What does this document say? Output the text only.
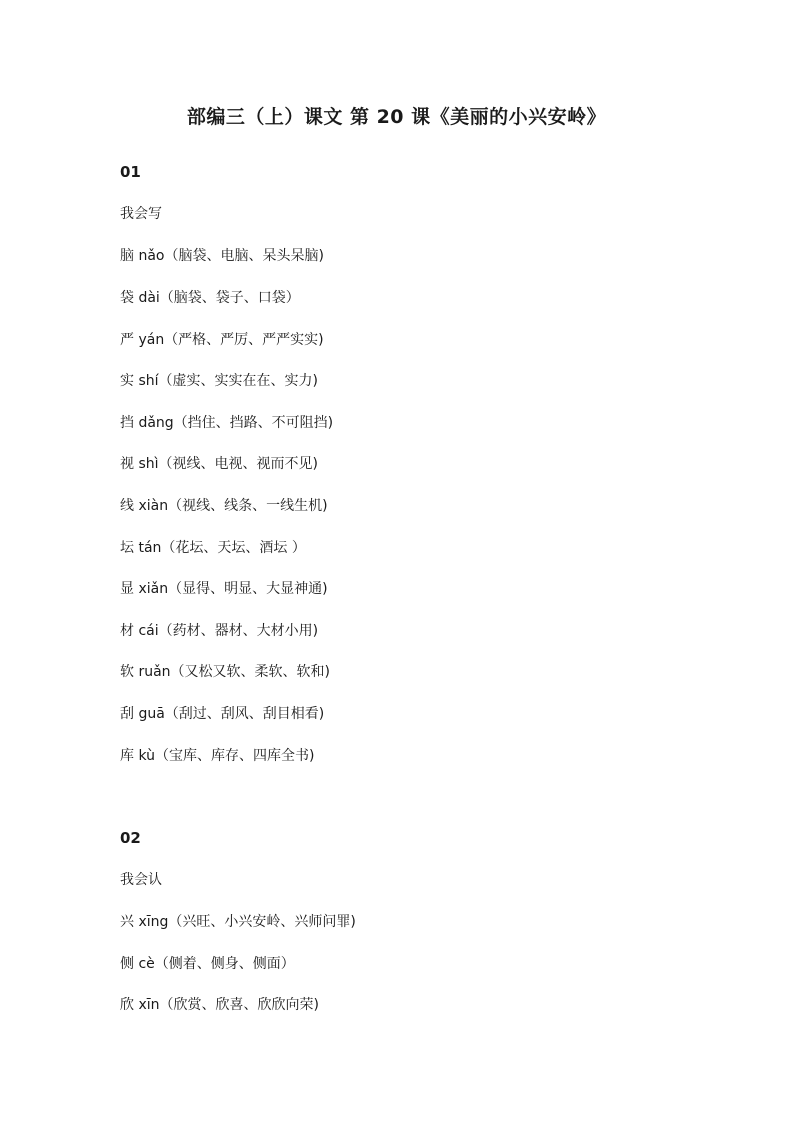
部编三（上）课文 第 20 课《美丽的小兴安岭》
01
我会写
脑 nǎo（脑袋、电脑、呆头呆脑)
袋 dài（脑袋、袋子、口袋）
严 yán（严格、严厉、严严实实)
实 shí（虚实、实实在在、实力)
挡 dǎng（挡住、挡路、不可阻挡)
视 shì（视线、电视、视而不见)
线 xiàn（视线、线条、一线生机)
坛 tán（花坛、天坛、酒坛 ）
显 xiǎn（显得、明显、大显神通)
材 cái（药材、器材、大材小用)
软 ruǎn（又松又软、柔软、软和)
刮 guā（刮过、刮风、刮目相看)
库 kù（宝库、库存、四库全书)
02
我会认
兴 xīng（兴旺、小兴安岭、兴师问罪)
侧 cè（侧着、侧身、侧面）
欣 xīn（欣赏、欣喜、欣欣向荣)
